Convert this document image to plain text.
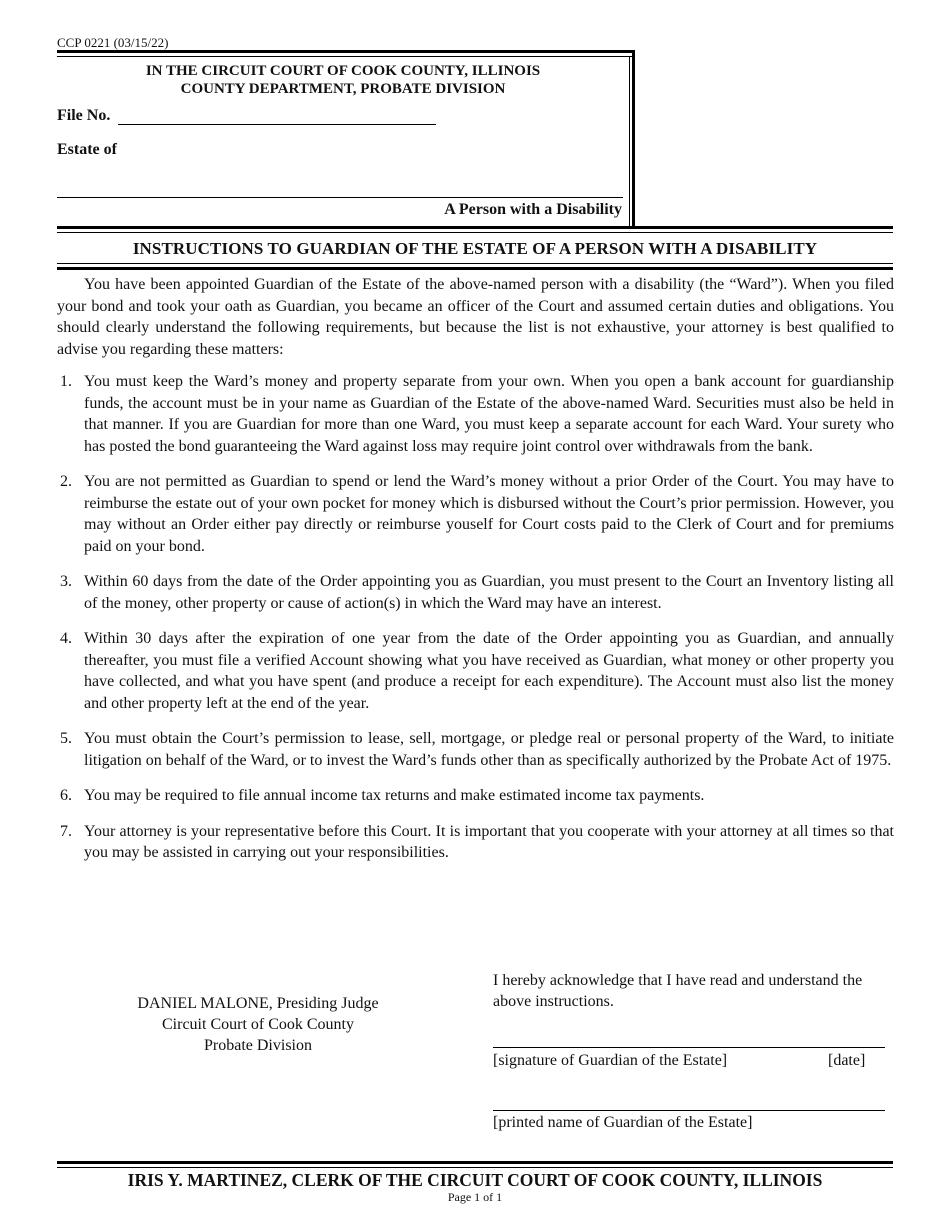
CCP 0221 (03/15/22)
IN THE CIRCUIT COURT OF COOK COUNTY, ILLINOIS
COUNTY DEPARTMENT, PROBATE DIVISION
File No.
Estate of
A Person with a Disability
INSTRUCTIONS TO GUARDIAN OF THE ESTATE OF A PERSON WITH A DISABILITY

You have been appointed Guardian of the Estate of the above-named person with a disability (the “Ward”). When you filed your bond and took your oath as Guardian, you became an officer of the Court and assumed certain duties and obligations. You should clearly understand the following requirements, but because the list is not exhaustive, your attorney is best qualified to advise you regarding these matters:

1. You must keep the Ward’s money and property separate from your own. When you open a bank account for guardianship funds, the account must be in your name as Guardian of the Estate of the above-named Ward. Securities must also be held in that manner. If you are Guardian for more than one Ward, you must keep a separate account for each Ward. Your surety who has posted the bond guaranteeing the Ward against loss may require joint control over withdrawals from the bank.
2. You are not permitted as Guardian to spend or lend the Ward’s money without a prior Order of the Court. You may have to reimburse the estate out of your own pocket for money which is disbursed without the Court’s prior permission. However, you may without an Order either pay directly or reimburse youself for Court costs paid to the Clerk of Court and for premiums paid on your bond.
3. Within 60 days from the date of the Order appointing you as Guardian, you must present to the Court an Inventory listing all of the money, other property or cause of action(s) in which the Ward may have an interest.
4. Within 30 days after the expiration of one year from the date of the Order appointing you as Guardian, and annually thereafter, you must file a verified Account showing what you have received as Guardian, what money or other property you have collected, and what you have spent (and produce a receipt for each expenditure). The Account must also list the money and other property left at the end of the year.
5. You must obtain the Court’s permission to lease, sell, mortgage, or pledge real or personal property of the Ward, to initiate litigation on behalf of the Ward, or to invest the Ward’s funds other than as specifically authorized by the Probate Act of 1975.
6. You may be required to file annual income tax returns and make estimated income tax payments.
7. Your attorney is your representative before this Court. It is important that you cooperate with your attorney at all times so that you may be assisted in carrying out your responsibilities.
DANIEL MALONE, Presiding Judge
Circuit Court of Cook County
Probate Division
I hereby acknowledge that I have read and understand the above instructions.
[signature of Guardian of the Estate]	[date]
[printed name of Guardian of the Estate]
IRIS Y. MARTINEZ, CLERK OF THE CIRCUIT COURT OF COOK COUNTY, ILLINOIS
Page 1 of 1
